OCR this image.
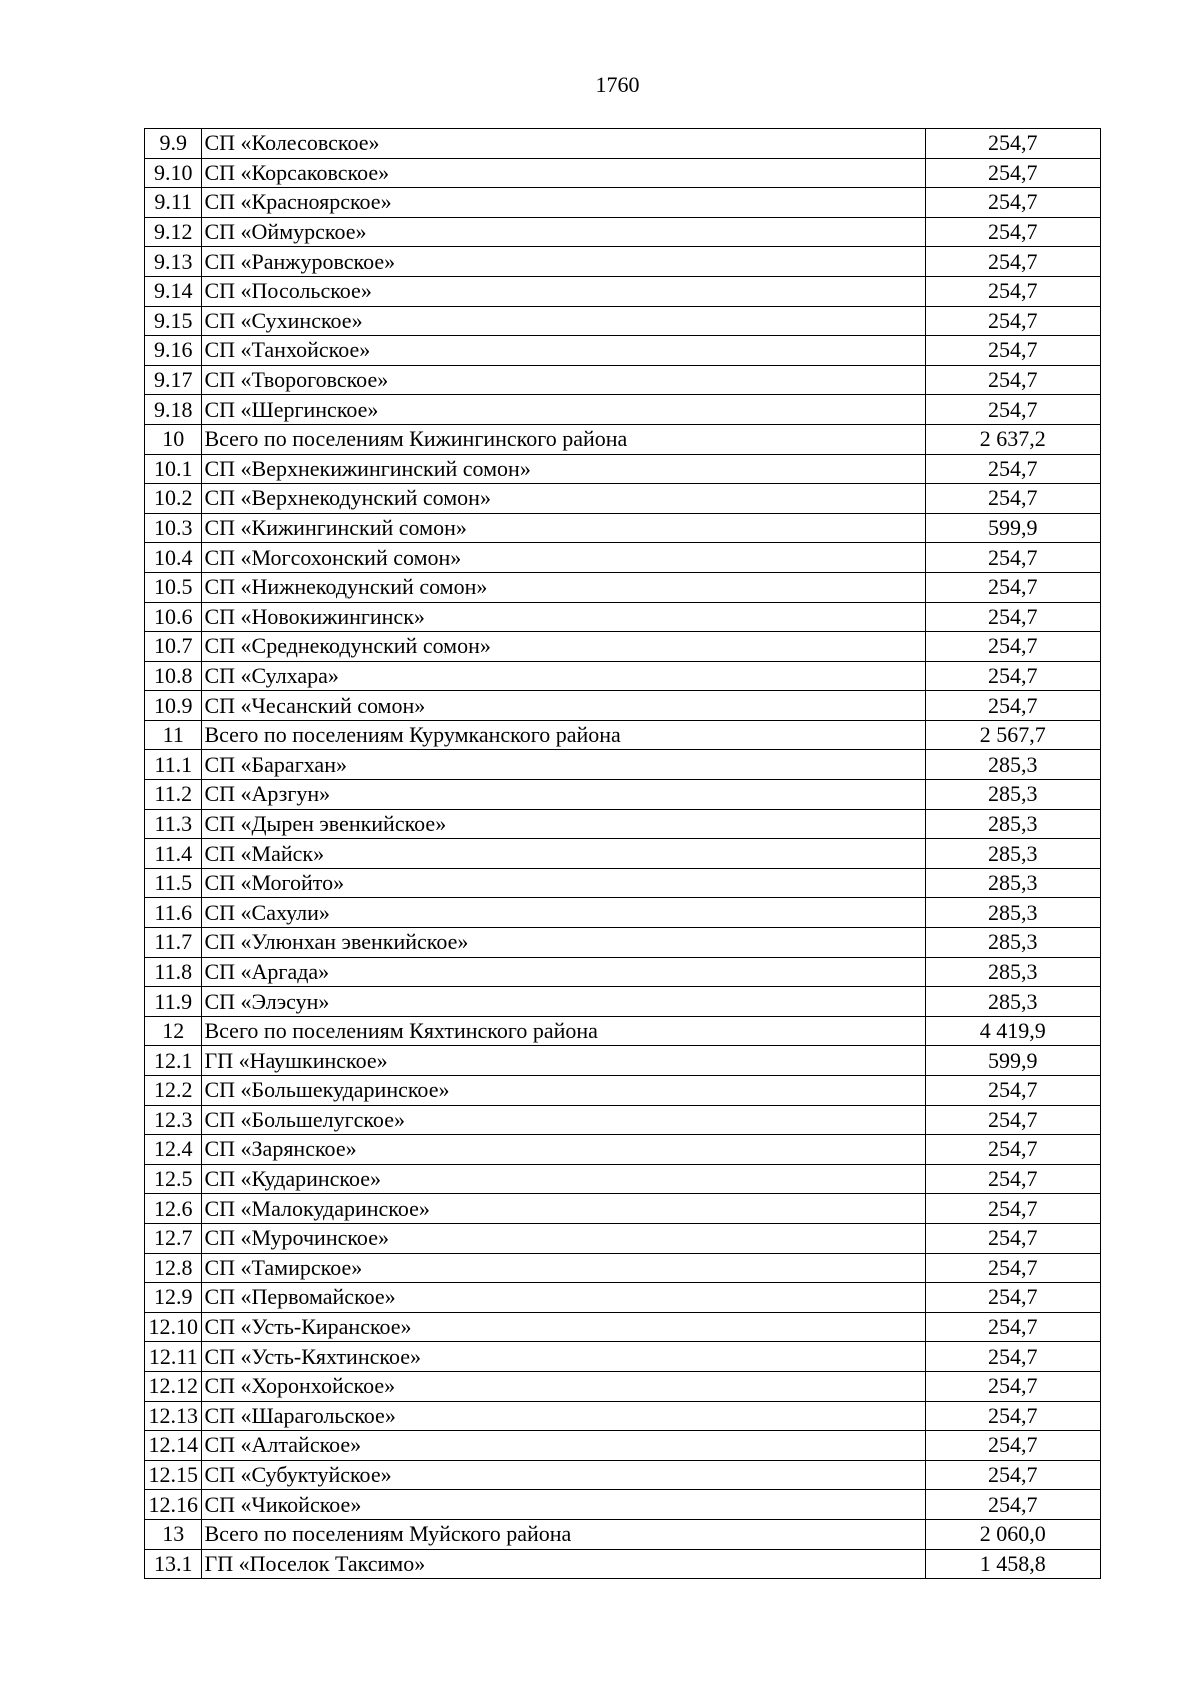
1760
9.9	СП «Колесовское»	254,7
9.10	СП «Корсаковское»	254,7
9.11	СП «Красноярское»	254,7
9.12	СП «Оймурское»	254,7
9.13	СП «Ранжуровское»	254,7
9.14	СП «Посольское»	254,7
9.15	СП «Сухинское»	254,7
9.16	СП «Танхойское»	254,7
9.17	СП «Твороговское»	254,7
9.18	СП «Шергинское»	254,7
10	Всего по поселениям Кижингинского района	2 637,2
10.1	СП «Верхнекижингинский сомон»	254,7
10.2	СП «Верхнекодунский сомон»	254,7
10.3	СП «Кижингинский сомон»	599,9
10.4	СП «Могсохонский сомон»	254,7
10.5	СП «Нижнекодунский сомон»	254,7
10.6	СП «Новокижингинск»	254,7
10.7	СП «Среднекодунский сомон»	254,7
10.8	СП «Сулхара»	254,7
10.9	СП «Чесанский сомон»	254,7
11	Всего по поселениям Курумканского района	2 567,7
11.1	СП «Барагхан»	285,3
11.2	СП «Арзгун»	285,3
11.3	СП «Дырен эвенкийское»	285,3
11.4	СП «Майск»	285,3
11.5	СП «Могойто»	285,3
11.6	СП «Сахули»	285,3
11.7	СП «Улюнхан эвенкийское»	285,3
11.8	СП «Аргада»	285,3
11.9	СП «Элэсун»	285,3
12	Всего по поселениям Кяхтинского района	4 419,9
12.1	ГП «Наушкинское»	599,9
12.2	СП «Большекударинское»	254,7
12.3	СП «Большелугское»	254,7
12.4	СП «Зарянское»	254,7
12.5	СП «Кударинское»	254,7
12.6	СП «Малокударинское»	254,7
12.7	СП «Мурочинское»	254,7
12.8	СП «Тамирское»	254,7
12.9	СП «Первомайское»	254,7
12.10	СП «Усть-Киранское»	254,7
12.11	СП «Усть-Кяхтинское»	254,7
12.12	СП «Хоронхойское»	254,7
12.13	СП «Шарагольское»	254,7
12.14	СП «Алтайское»	254,7
12.15	СП «Субуктуйское»	254,7
12.16	СП «Чикойское»	254,7
13	Всего по поселениям Муйского района	2 060,0
13.1	ГП «Поселок Таксимо»	1 458,8
